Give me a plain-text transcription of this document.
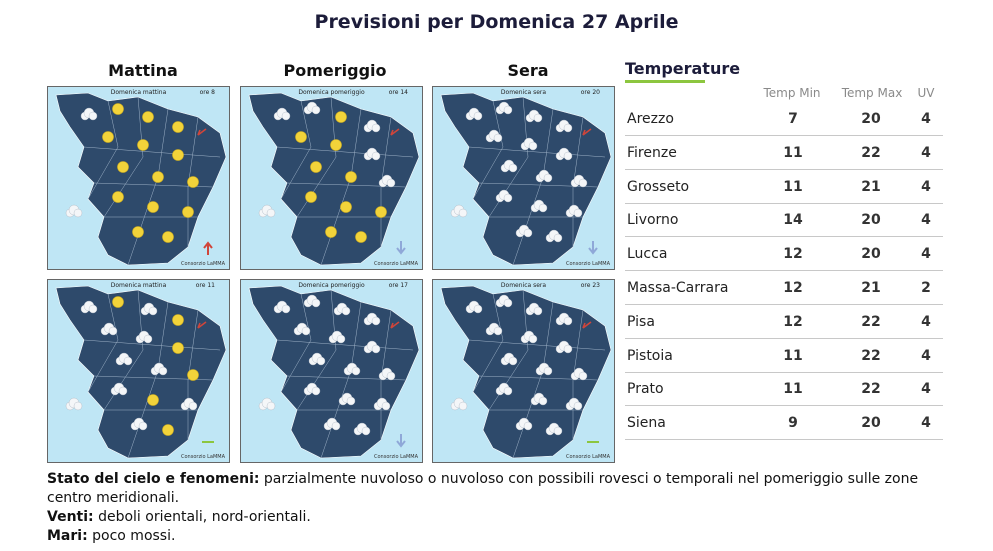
Previsioni per Domenica 27 Aprile
Mattina	Pomeriggio	Sera
Domenica mattina	ore 8
Consorzio LaMMA
Domenica pomeriggio	ore 14
Consorzio LaMMA
Domenica sera	ore 20
Consorzio LaMMA
Domenica mattina	ore 11
Consorzio LaMMA
Domenica pomeriggio	ore 17
Consorzio LaMMA
Domenica sera	ore 23
Consorzio LaMMA
Temperature
Temp Min	Temp Max	UV
Arezzo	7	20	4
Firenze	11	22	4
Grosseto	11	21	4
Livorno	14	20	4
Lucca	12	20	4
Massa-Carrara	12	21	2
Pisa	12	22	4
Pistoia	11	22	4
Prato	11	22	4
Siena	9	20	4
Stato del cielo e fenomeni: parzialmente nuvoloso o nuvoloso con possibili rovesci o temporali nel pomeriggio sulle zone centro meridionali.
Venti: deboli orientali, nord-orientali.
Mari: poco mossi.
